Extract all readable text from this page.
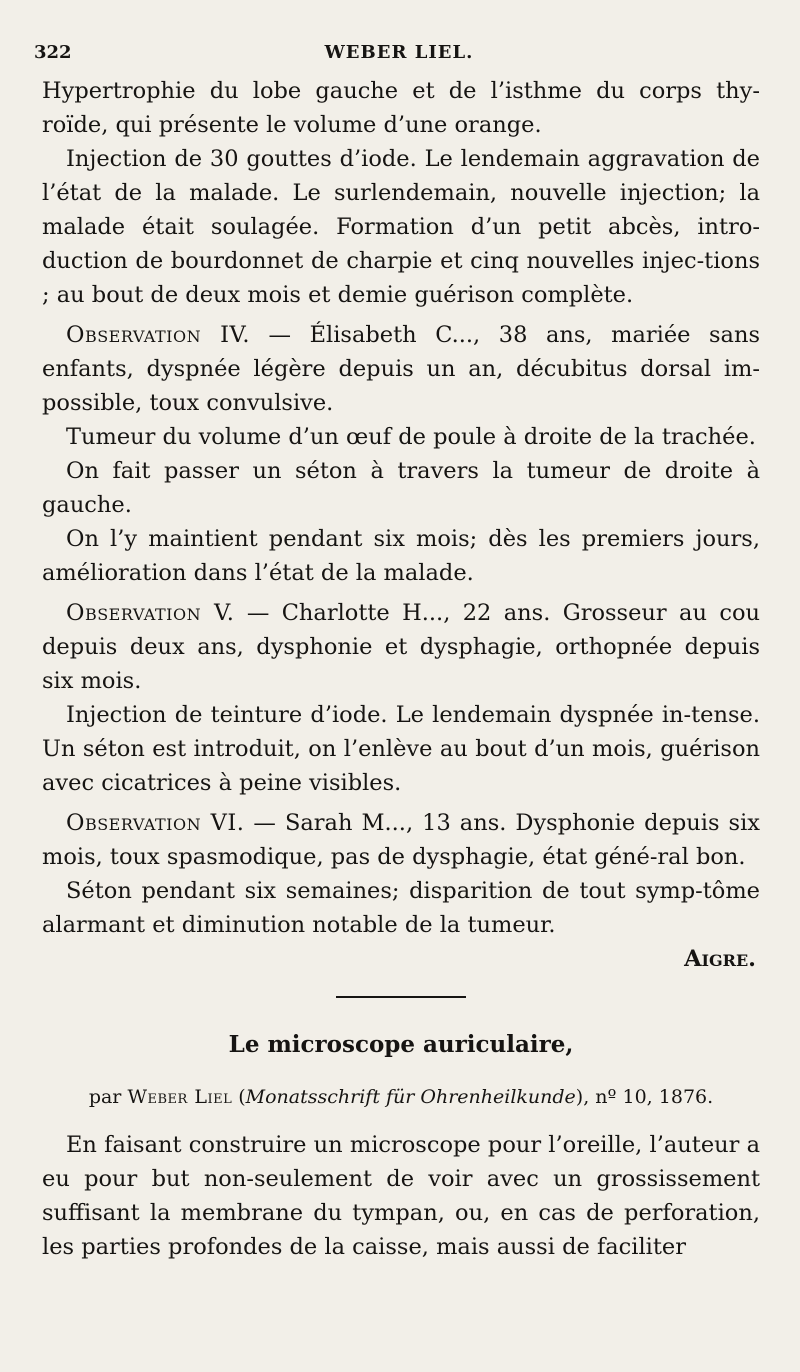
322	WEBER LIEL.

Hypertrophie du lobe gauche et de l’isthme du corps thy-roïde, qui présente le volume d’une orange.

Injection de 30 gouttes d’iode. Le lendemain aggravation de l’état de la malade. Le surlendemain, nouvelle injection; la malade était soulagée. Formation d’un petit abcès, intro-duction de bourdonnet de charpie et cinq nouvelles injec-tions ; au bout de deux mois et demie guérison complète.

Observation IV. — Élisabeth C..., 38 ans, mariée sans enfants, dyspnée légère depuis un an, décubitus dorsal im-possible, toux convulsive.

Tumeur du volume d’un œuf de poule à droite de la trachée.

On fait passer un séton à travers la tumeur de droite à gauche.

On l’y maintient pendant six mois; dès les premiers jours, amélioration dans l’état de la malade.

Observation V. — Charlotte H..., 22 ans. Grosseur au cou depuis deux ans, dysphonie et dysphagie, orthopnée depuis six mois.

Injection de teinture d’iode. Le lendemain dyspnée in-tense. Un séton est introduit, on l’enlève au bout d’un mois, guérison avec cicatrices à peine visibles.

Observation VI. — Sarah M..., 13 ans. Dysphonie depuis six mois, toux spasmodique, pas de dysphagie, état géné-ral bon.

Séton pendant six semaines; disparition de tout symp-tôme alarmant et diminution notable de la tumeur.

Aigre.

Le microscope auriculaire,

par Weber Liel (Monatsschrift für Ohrenheilkunde), nº 10, 1876.

En faisant construire un microscope pour l’oreille, l’auteur a eu pour but non-seulement de voir avec un grossissement suffisant la membrane du tympan, ou, en cas de perforation, les parties profondes de la caisse, mais aussi de faciliter
